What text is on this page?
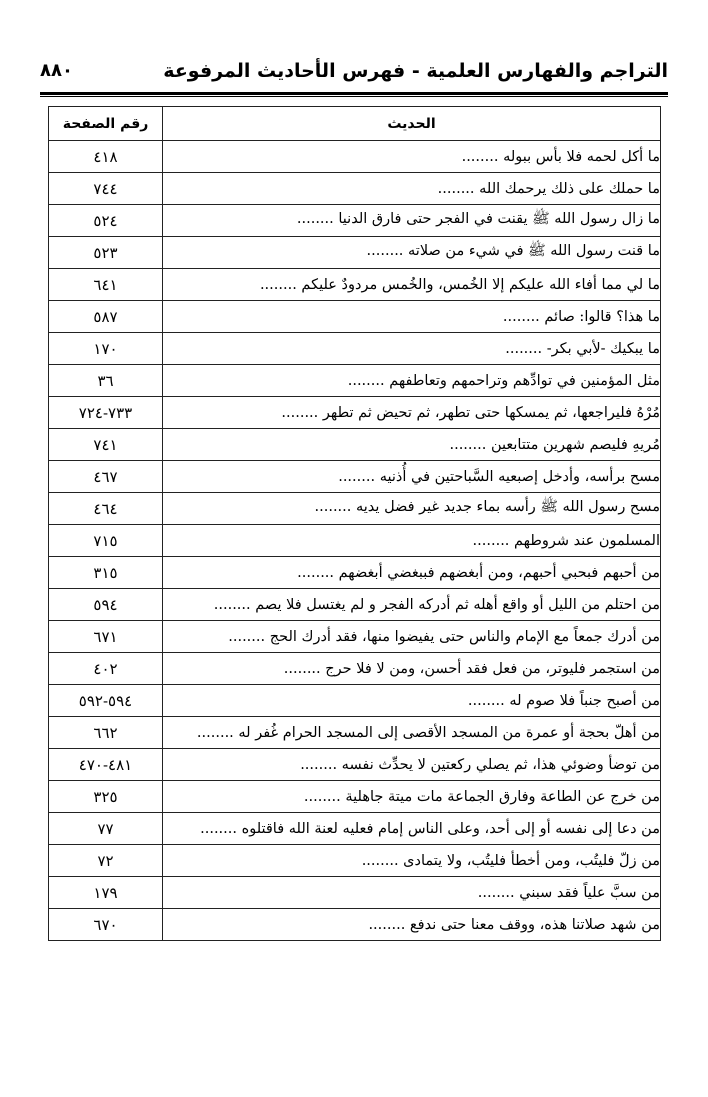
التراجم والفهارس العلمية - فهرس الأحاديث المرفوعة
٨٨٠
الحديث	رقم الصفحة
ما أكل لحمه فلا بأس ببوله ........	٤١٨
ما حملك على ذلك يرحمك الله ........	٧٤٤
ما زال رسول الله ﷺ يقنت في الفجر حتى فارق الدنيا ........	٥٢٤
ما قنت رسول الله ﷺ في شيء من صلاته ........	٥٢٣
ما لي مما أفاء الله عليكم إلا الخُمس، والخُمس مردودٌ عليكم ........	٦٤١
ما هذا؟ قالوا: صائم ........	٥٨٧
ما يبكيك -لأبي بكر- ........	١٧٠
مثل المؤمنين في توادِّهم وتراحمهم وتعاطفهم ........	٣٦
مُرْهُ فليراجعها، ثم يمسكها حتى تطهر، ثم تحيض ثم تطهر ........	٧٣٣-٧٢٤
مُريهِ فليصم شهرين متتابعين ........	٧٤١
مسح برأسه، وأدخل إصبعيه السَّباحتين في أُذنيه ........	٤٦٧
مسح رسول الله ﷺ رأسه بماء جديد غير فضل يديه ........	٤٦٤
المسلمون عند شروطهم ........	٧١٥
من أحبهم فبحبي أحبهم، ومن أبغضهم فببغضي أبغضهم ........	٣١٥
من احتلم من الليل أو واقع أهله ثم أدركه الفجر و لم يغتسل فلا يصم ........	٥٩٤
من أدرك جمعاً مع الإمام والناس حتى يفيضوا منها، فقد أدرك الحج ........	٦٧١
من استجمر فليوتر، من فعل فقد أحسن، ومن لا فلا حرج ........	٤٠٢
من أصبح جنباً فلا صوم له ........	٥٩٤-٥٩٢
من أهلّ بحجة أو عمرة من المسجد الأقصى إلى المسجد الحرام غُفر له ........	٦٦٢
من توضأ وضوئي هذا، ثم يصلي ركعتين لا يحدِّث نفسه ........	٤٨١-٤٧٠
من خرج عن الطاعة وفارق الجماعة مات ميتة جاهلية ........	٣٢٥
من دعا إلى نفسه أو إلى أحد، وعلى الناس إمام فعليه لعنة الله فاقتلوه ........	٧٧
من زلّ فليتُب، ومن أخطأ فليتُب، ولا يتمادى ........	٧٢
من سبَّ علياً فقد سبني ........	١٧٩
من شهد صلاتنا هذه، ووقف معنا حتى ندفع ........	٦٧٠
